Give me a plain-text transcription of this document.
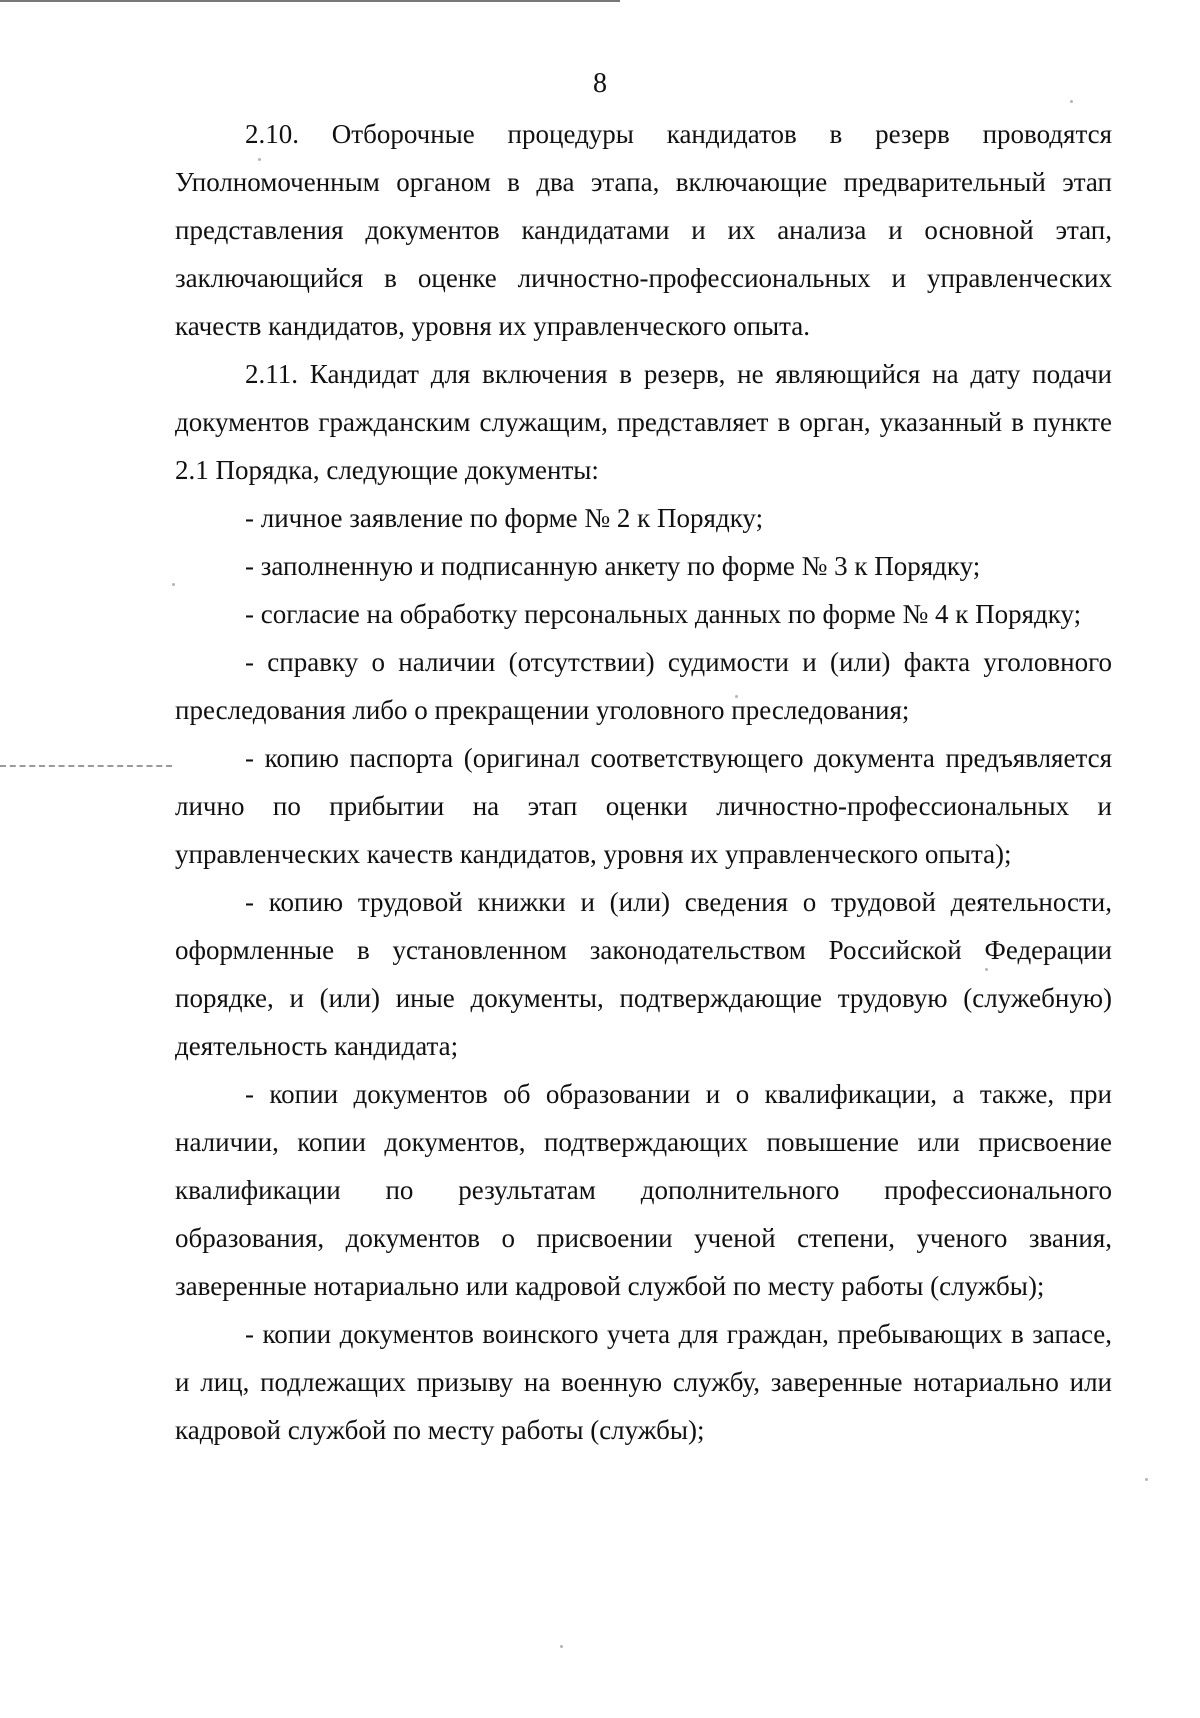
8

2.10. Отборочные процедуры кандидатов в резерв проводятся Уполномоченным органом в два этапа, включающие предварительный этап представления документов кандидатами и их анализа и основной этап, заключающийся в оценке личностно-профессиональных и управленческих качеств кандидатов, уровня их управленческого опыта.

2.11. Кандидат для включения в резерв, не являющийся на дату подачи документов гражданским служащим, представляет в орган, указанный в пункте 2.1 Порядка, следующие документы:

- личное заявление по форме № 2 к Порядку;

- заполненную и подписанную анкету по форме № 3 к Порядку;

- согласие на обработку персональных данных по форме № 4 к Порядку;

- справку о наличии (отсутствии) судимости и (или) факта уголовного преследования либо о прекращении уголовного преследования;

- копию паспорта (оригинал соответствующего документа предъявляется лично по прибытии на этап оценки личностно-профессиональных и управленческих качеств кандидатов, уровня их управленческого опыта);

- копию трудовой книжки и (или) сведения о трудовой деятельности, оформленные в установленном законодательством Российской Федерации порядке, и (или) иные документы, подтверждающие трудовую (служебную) деятельность кандидата;

- копии документов об образовании и о квалификации, а также, при наличии, копии документов, подтверждающих повышение или присвоение квалификации по результатам дополнительного профессионального образования, документов о присвоении ученой степени, ученого звания, заверенные нотариально или кадровой службой по месту работы (службы);

- копии документов воинского учета для граждан, пребывающих в запасе, и лиц, подлежащих призыву на военную службу, заверенные нотариально или кадровой службой по месту работы (службы);
